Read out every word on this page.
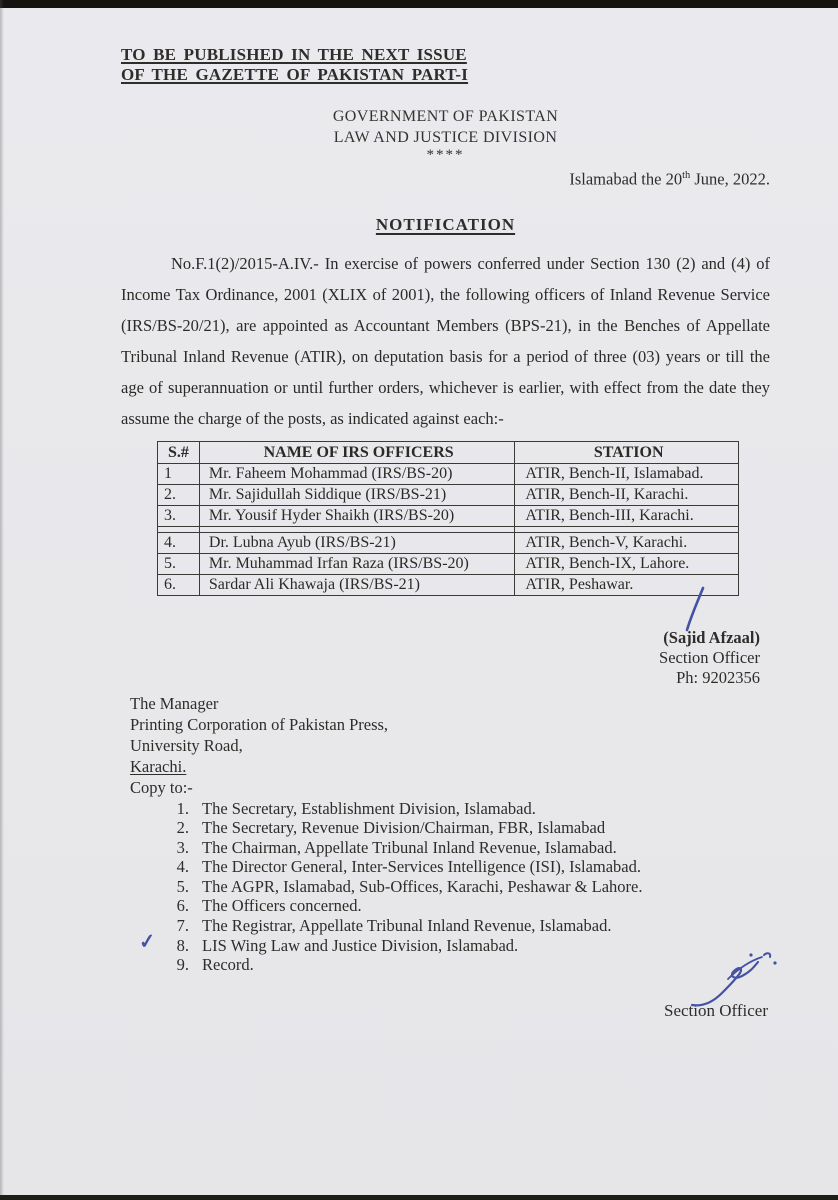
TO BE PUBLISHED IN THE NEXT ISSUE
OF THE GAZETTE OF PAKISTAN PART-I
GOVERNMENT OF PAKISTAN
LAW AND JUSTICE DIVISION
****
Islamabad the 20th June, 2022.
NOTIFICATION

No.F.1(2)/2015-A.IV.- In exercise of powers conferred under Section 130 (2) and (4) of Income Tax Ordinance, 2001 (XLIX of 2001), the following officers of Inland Revenue Service (IRS/BS-20/21), are appointed as Accountant Members (BPS-21), in the Benches of Appellate Tribunal Inland Revenue (ATIR), on deputation basis for a period of three (03) years or till the age of superannuation or until further orders, whichever is earlier, with effect from the date they assume the charge of the posts, as indicated against each:-

S.#	NAME OF IRS OFFICERS	STATION
1	Mr. Faheem Mohammad (IRS/BS-20)	ATIR, Bench-II, Islamabad.
2.	Mr. Sajidullah Siddique (IRS/BS-21)	ATIR, Bench-II, Karachi.
3.	Mr. Yousif Hyder Shaikh (IRS/BS-20)	ATIR, Bench-III, Karachi.

4.	Dr. Lubna Ayub (IRS/BS-21)	ATIR, Bench-V, Karachi.
5.	Mr. Muhammad Irfan Raza (IRS/BS-20)	ATIR, Bench-IX, Lahore.
6.	Sardar Ali Khawaja (IRS/BS-21)	ATIR, Peshawar.
(Sajid Afzaal)
Section Officer
Ph: 9202356
The Manager
Printing Corporation of Pakistan Press,
University Road,
Karachi.
Copy to:-
1. The Secretary, Establishment Division, Islamabad.
2. The Secretary, Revenue Division/Chairman, FBR, Islamabad
3. The Chairman, Appellate Tribunal Inland Revenue, Islamabad.
4. The Director General, Inter-Services Intelligence (ISI), Islamabad.
5. The AGPR, Islamabad, Sub-Offices, Karachi, Peshawar & Lahore.
6. The Officers concerned.
7. The Registrar, Appellate Tribunal Inland Revenue, Islamabad.
✓	8. LIS Wing Law and Justice Division, Islamabad.
9. Record.
Section Officer
